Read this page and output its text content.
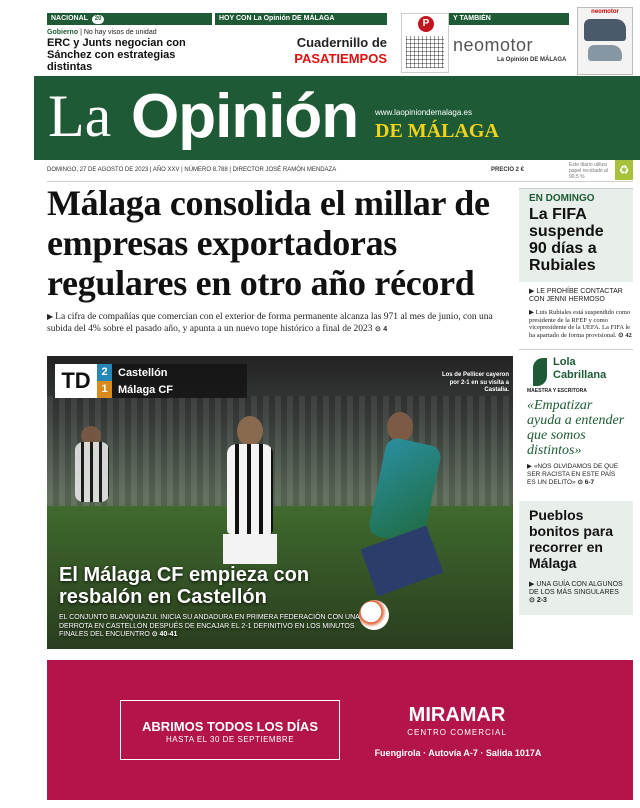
NACIONAL 20
Gobierno | No hay visos de unidad
ERC y Junts negocian con Sánchez con estrategias distintas
HOY CON La Opinión DE MÁLAGA
Cuadernillo de
PASATIEMPOS
P	Y TAMBIÉN
neomotor
La Opinión DE MÁLAGA
neomotor
La Opinión www.laopiniondemalaga.es
DE MÁLAGA
DOMINGO, 27 DE AGOSTO DE 2023 | AÑO XXV | NÚMERO 8.788 | DIRECTOR JOSÉ RAMÓN MENDAZA	PRECIO 2 €
Este diario utiliza papel reciclado al 90,5 %	♻
Málaga consolida el millar de empresas exportadoras regulares en otro año récord
▶ La cifra de compañías que comercian con el exterior de forma permanente alcanza las 971 al mes de junio, con una subida del 4% sobre el pasado año, y apunta a un nuevo tope histórico a final de 2023 ⊙ 4
TD 2 Castellón
1 Málaga CF
Los de Pellicer cayeron por 2-1 en su visita a Castalia.
El Málaga CF empieza con resbalón en Castellón
EL CONJUNTO BLANQUIAZUL INICIA SU ANDADURA EN PRIMERA FEDERACIÓN CON UNA DERROTA EN CASTELLÓN DESPUÉS DE ENCAJAR EL 2-1 DEFINITIVO EN LOS MINUTOS FINALES DEL ENCUENTRO ⊙ 40-41
EN DOMINGO
La FIFA suspende 90 días a Rubiales
▶ LE PROHÍBE CONTACTAR CON JENNI HERMOSO
▶ Luis Rubiales está suspendido como presidente de la RFEF y como vicepresidente de la UEFA. La FIFA le ha apartado de forma provisional. ⊙ 42
Lola Cabrillana
MAESTRA Y ESCRITORA
«Empatizar ayuda a entender que somos distintos»
▶ «NOS OLVIDAMOS DE QUE SER RACISTA EN ESTE PAÍS ES UN DELITO» ⊙ 6-7
Pueblos bonitos para recorrer en Málaga
▶ UNA GUÍA CON ALGUNOS DE LOS MÁS SINGULARES ⊙ 2-3
ABRIMOS TODOS LOS DÍAS
HASTA EL 30 DE SEPTIEMBRE
MIRAMAR
CENTRO COMERCIAL
Fuengirola · Autovía A-7 · Salida 1017A
